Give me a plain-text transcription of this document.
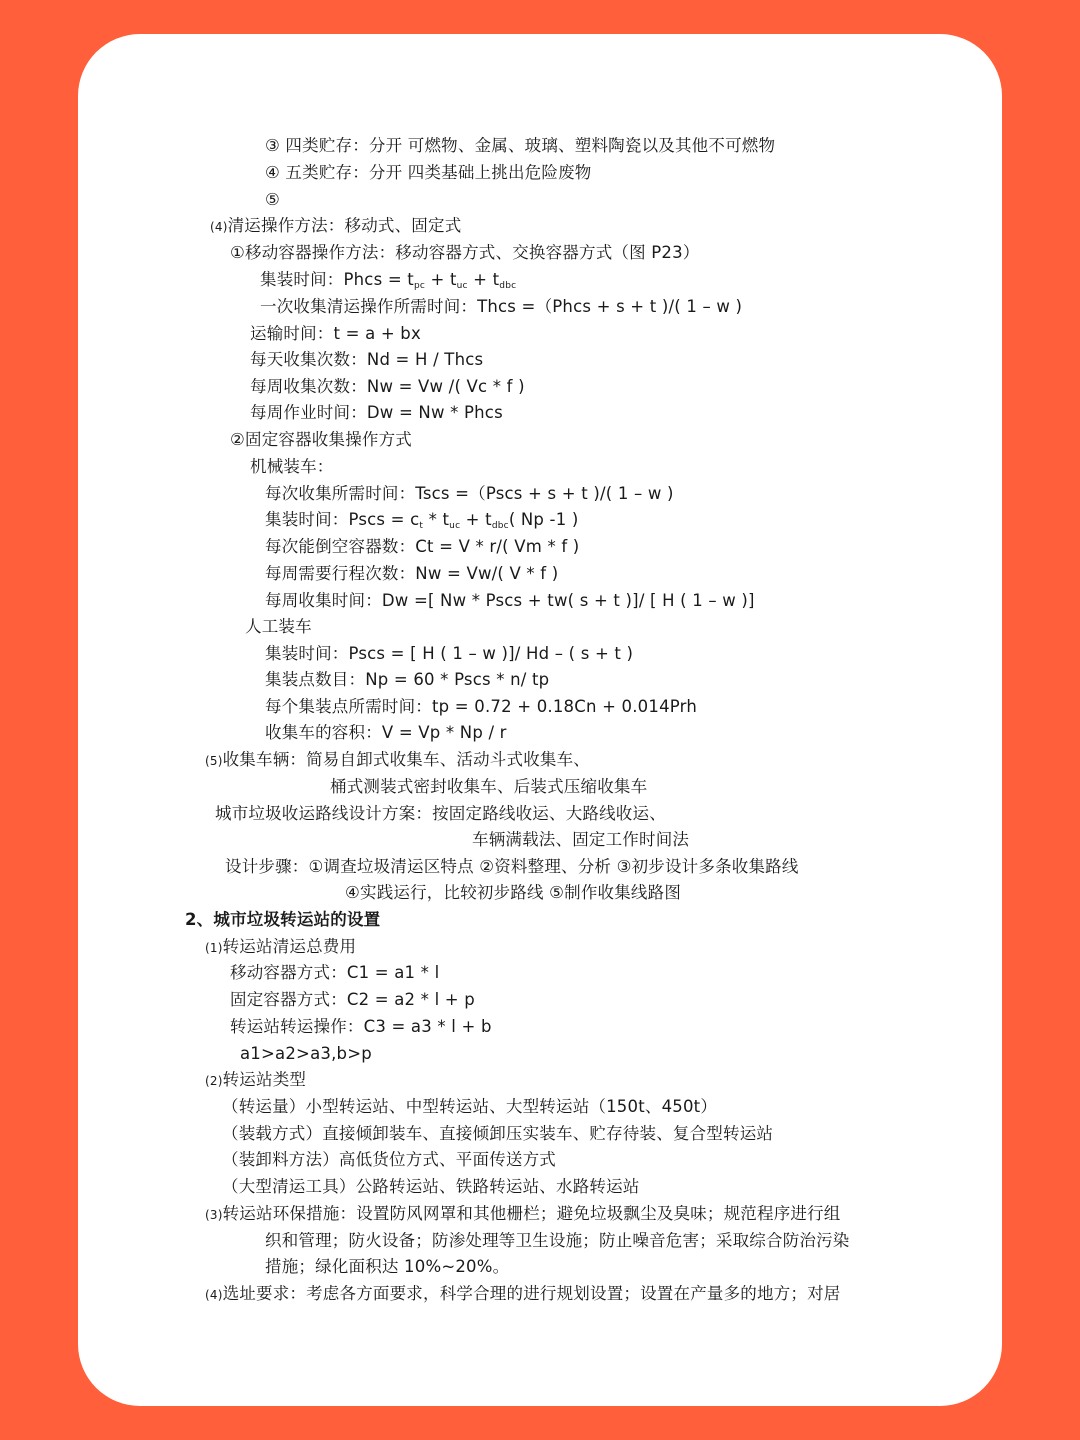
③ 四类贮存：分开 可燃物、金属、玻璃、塑料陶瓷以及其他不可燃物
④ 五类贮存：分开 四类基础上挑出危险废物
⑤
(4)清运操作方法：移动式、固定式
①移动容器操作方法：移动容器方式、交换容器方式（图 P23）
集装时间：Phcs = $t_{pc} + t_{uc} + t_{dbc}$
一次收集清运操作所需时间：Thcs =（Phcs + s + t )/( 1 – w )
运输时间：t = a + bx
每天收集次数：Nd = H / Thcs
每周收集次数：Nw = Vw /( Vc * f )
每周作业时间：Dw = Nw * Phcs
②固定容器收集操作方式
机械装车：
每次收集所需时间：Tscs =（Pscs + s + t )/( 1 – w )
集装时间：Pscs = $c_t * t_{uc} + t_{dbc}$( Np -1 )
每次能倒空容器数：Ct = V * r/( Vm * f )
每周需要行程次数：Nw = Vw/( V * f )
每周收集时间：Dw =[ Nw * Pscs + tw( s + t )]/ [ H ( 1 – w )]
人工装车
集装时间：Pscs = [ H ( 1 – w )]/ Hd – ( s + t )
集装点数目：Np = 60 * Pscs * n/ tp
每个集装点所需时间：tp = 0.72 + 0.18Cn + 0.014Prh
收集车的容积：V = Vp * Np / r
(5)收集车辆：简易自卸式收集车、活动斗式收集车、
桶式测装式密封收集车、后装式压缩收集车
城市垃圾收运路线设计方案：按固定路线收运、大路线收运、
车辆满载法、固定工作时间法
设计步骤：①调查垃圾清运区特点 ②资料整理、分析 ③初步设计多条收集路线
④实践运行，比较初步路线 ⑤制作收集线路图
2、城市垃圾转运站的设置
(1)转运站清运总费用
移动容器方式：C1 = a1 * l
固定容器方式：C2 = a2 * l + p
转运站转运操作：C3 = a3 * l + b
a1>a2>a3,b>p
(2)转运站类型
（转运量）小型转运站、中型转运站、大型转运站（150t、450t）
（装载方式）直接倾卸装车、直接倾卸压实装车、贮存待装、复合型转运站
（装卸料方法）高低货位方式、平面传送方式
（大型清运工具）公路转运站、铁路转运站、水路转运站
(3)转运站环保措施：设置防风网罩和其他栅栏；避免垃圾飘尘及臭味；规范程序进行组
织和管理；防火设备；防渗处理等卫生设施；防止噪音危害；采取综合防治污染
措施；绿化面积达 10%~20%。
(4)选址要求：考虑各方面要求，科学合理的进行规划设置；设置在产量多的地方；对居
